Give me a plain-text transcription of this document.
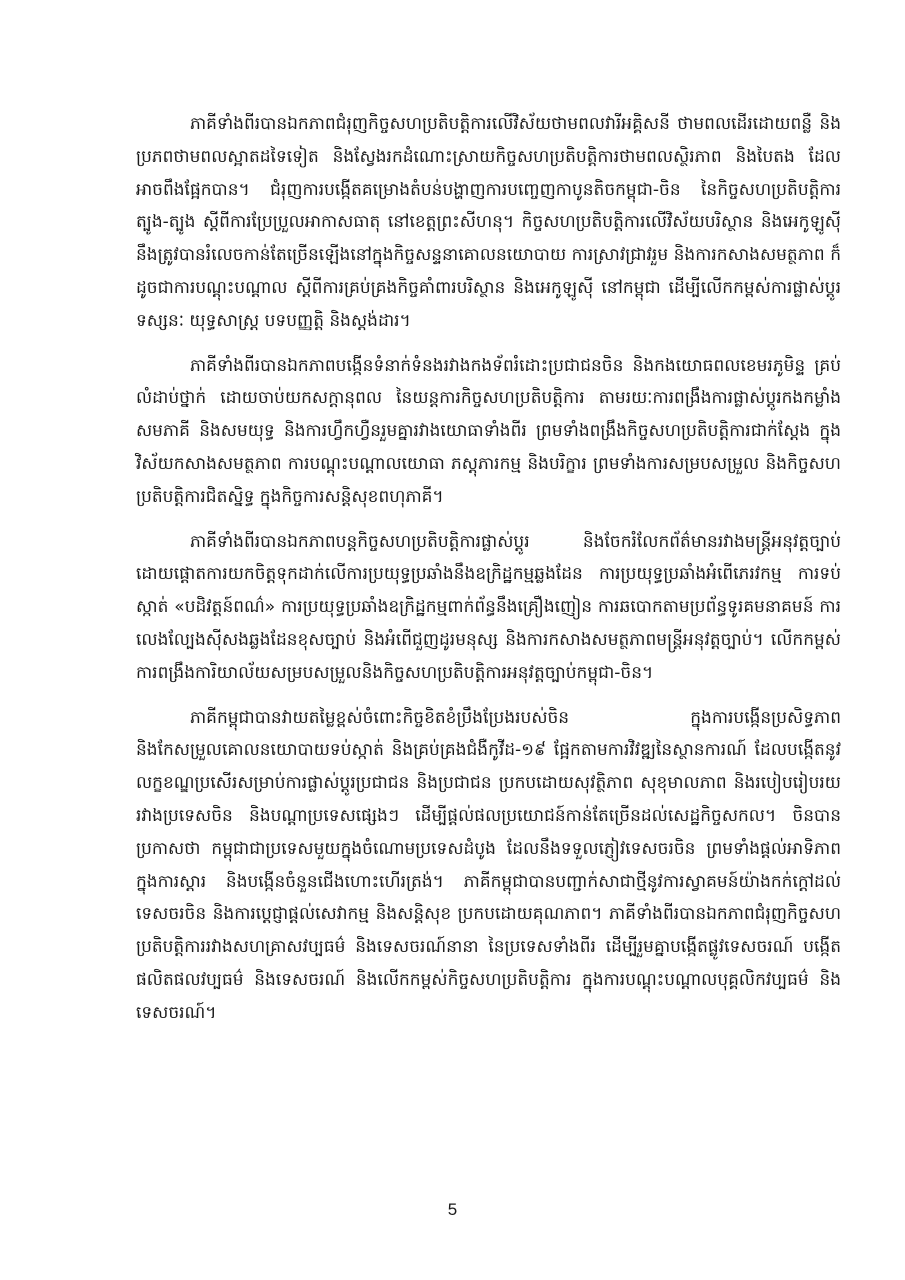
ភាគីទាំងពីរបានឯកភាពជំរុញកិច្ចសហប្រតិបត្តិការលើវិស័យថាមពលវារីអគ្គិសនី ថាមពលដើរដោយពន្លឺ និងប្រភពថាមពលស្អាតដទៃទៀត និងស្វែងរកដំណោះស្រាយកិច្ចសហប្រតិបត្តិការថាមពលស្ថិរភាព និងបៃតង ដែលអាចពឹងផ្អែកបាន។ ជំរុញការបង្កើតគម្រោងតំបន់បង្ហាញការបញ្ចេញកាបូនតិចកម្ពុជា-ចិន នៃកិច្ចសហប្រតិបត្តិការត្បូង-ត្បូង ស្តីពីការប្រែប្រួលអាកាសធាតុ នៅខេត្តព្រះសីហនុ។ កិច្ចសហប្រតិបត្តិការលើវិស័យបរិស្ថាន និងអេកូឡូស៊ីនឹងត្រូវបានរំលេចកាន់តែច្រើនឡើងនៅក្នុងកិច្ចសន្ទនាគោលនយោបាយ ការស្រាវជ្រាវរួម និងការកសាងសមត្ថភាព ក៏ដូចជាការបណ្តុះបណ្តាល ស្តីពីការគ្រប់គ្រងកិច្ចគាំពារបរិស្ថាន និងអេកូឡូស៊ី នៅកម្ពុជា ដើម្បីលើកកម្ពស់ការផ្លាស់ប្តូរទស្សនៈ យុទ្ធសាស្ត្រ បទបញ្ញត្តិ និងស្តង់ដារ។

ភាគីទាំងពីរបានឯកភាពបង្កើនទំនាក់ទំនងរវាងកងទ័ពរំដោះប្រជាជនចិន និងកងយោធពលខេមរភូមិន្ទ គ្រប់លំដាប់ថ្នាក់ ដោយចាប់យកសក្តានុពល នៃយន្តការកិច្ចសហប្រតិបត្តិការ តាមរយៈការពង្រឹងការផ្លាស់ប្តូរកងកម្លាំងសមភាគី និងសមយុទ្ធ និងការហ្វឹកហ្វឺនរួមគ្នារវាងយោធាទាំងពីរ ព្រមទាំងពង្រឹងកិច្ចសហប្រតិបត្តិការជាក់ស្តែង ក្នុងវិស័យកសាងសមត្ថភាព ការបណ្តុះបណ្តាលយោធា ភស្តុភារកម្ម និងបរិក្ខារ ព្រមទាំងការសម្របសម្រួល និងកិច្ចសហប្រតិបត្តិការជិតស្និទ្ធ ក្នុងកិច្ចការសន្តិសុខពហុភាគី។

ភាគីទាំងពីរបានឯកភាពបន្តកិច្ចសហប្រតិបត្តិការផ្លាស់ប្តូរ និងចែករំលែកព័ត៌មានរវាងមន្ត្រីអនុវត្តច្បាប់ ដោយផ្តោតការយកចិត្តទុកដាក់លើការប្រយុទ្ធប្រឆាំងនឹងឧក្រិដ្ឋកម្មឆ្លងដែន ការប្រយុទ្ធប្រឆាំងអំពើភេរវកម្ម ការទប់ស្កាត់ «បដិវត្តន៍ពណ៌» ការប្រយុទ្ធប្រឆាំងឧក្រិដ្ឋកម្មពាក់ព័ន្ធនឹងគ្រឿងញៀន ការឆបោកតាមប្រព័ន្ធទូរគមនាគមន៍ ការលេងល្បែងស៊ីសងឆ្លងដែនខុសច្បាប់ និងអំពើជួញដូរមនុស្ស និងការកសាងសមត្ថភាពមន្ត្រីអនុវត្តច្បាប់។ លើកកម្ពស់ការពង្រឹងការិយាល័យសម្របសម្រួលនិងកិច្ចសហប្រតិបត្តិការអនុវត្តច្បាប់កម្ពុជា-ចិន។

ភាគីកម្ពុជាបានវាយតម្លៃខ្ពស់ចំពោះកិច្ចខិតខំប្រឹងប្រែងរបស់ចិន ក្នុងការបង្កើនប្រសិទ្ធភាពនិងកែសម្រួលគោលនយោបាយទប់ស្កាត់ និងគ្រប់គ្រងជំងឺកូវីដ-១៩ ផ្អែកតាមការវិវឌ្ឍនៃស្ថានការណ៍ ដែលបង្កើតនូវលក្ខខណ្ឌប្រសើរសម្រាប់ការផ្លាស់ប្តូរប្រជាជន និងប្រជាជន ប្រកបដោយសុវត្ថិភាព សុខុមាលភាព និងរបៀបរៀបរយ រវាងប្រទេសចិន និងបណ្តាប្រទេសផ្សេងៗ ដើម្បីផ្តល់ផលប្រយោជន៍កាន់តែច្រើនដល់សេដ្ឋកិច្ចសកល។ ចិនបានប្រកាសថា កម្ពុជាជាប្រទេសមួយក្នុងចំណោមប្រទេសដំបូង ដែលនឹងទទួលភ្ញៀវទេសចរចិន ព្រមទាំងផ្តល់អាទិភាពក្នុងការស្តារ និងបង្កើនចំនួនជើងហោះហើរត្រង់។ ភាគីកម្ពុជាបានបញ្ជាក់សាជាថ្មីនូវការស្វាគមន៍យ៉ាងកក់ក្តៅដល់ទេសចរចិន និងការប្តេជ្ញាផ្តល់សេវាកម្ម និងសន្តិសុខ ប្រកបដោយគុណភាព។ ភាគីទាំងពីរបានឯកភាពជំរុញកិច្ចសហប្រតិបត្តិការរវាងសហគ្រាសវប្បធម៌ និងទេសចរណ៍នានា នៃប្រទេសទាំងពីរ ដើម្បីរួមគ្នាបង្កើតផ្លូវទេសចរណ៍ បង្កើតផលិតផលវប្បធម៌ និងទេសចរណ៍ និងលើកកម្ពស់កិច្ចសហប្រតិបត្តិការ ក្នុងការបណ្តុះបណ្តាលបុគ្គលិកវប្បធម៌ និងទេសចរណ៍។

5
